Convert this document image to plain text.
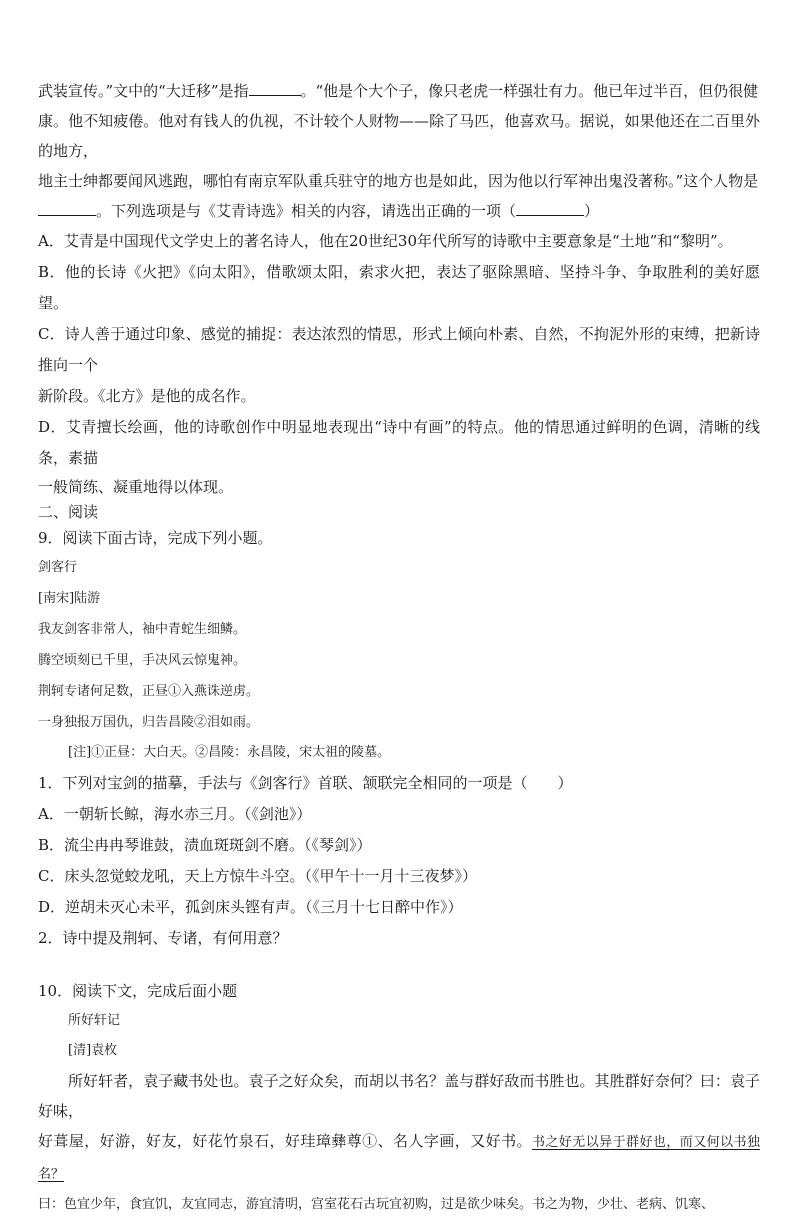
武装宣传。”文中的“大迁移”是指	。“他是个大个子，像只老虎一样强壮有力。他已年过半百，但仍很健

康。他不知疲倦。他对有钱人的仇视，不计较个人财物——除了马匹，他喜欢马。据说，如果他还在二百里外的地方，

地主士绅都要闻风逃跑，哪怕有南京军队重兵驻守的地方也是如此，因为他以行军神出鬼没著称。”这个人物是

。下列选项是与《艾青诗选》相关的内容，请选出正确的一项（	）

A．艾青是中国现代文学史上的著名诗人，他在20世纪30年代所写的诗歌中主要意象是“土地”和“黎明”。

B．他的长诗《火把》《向太阳》，借歌颂太阳，索求火把，表达了驱除黑暗、坚持斗争、争取胜利的美好愿望。

C．诗人善于通过印象、感觉的捕捉：表达浓烈的情思，形式上倾向朴素、自然，不拘泥外形的束缚，把新诗推向一个

新阶段。《北方》是他的成名作。

D．艾青擅长绘画，他的诗歌创作中明显地表现出“诗中有画”的特点。他的情思通过鲜明的色调，清晰的线条，素描

一般简练、凝重地得以体现。

二、阅读

9．阅读下面古诗，完成下列小题。

剑客行

[南宋]陆游

我友剑客非常人，袖中青蛇生细鳞。

腾空顷刻已千里，手决风云惊鬼神。

荆轲专诸何足数，正昼①入燕诛逆虏。

一身独报万国仇，归告昌陵②泪如雨。

[注]①正昼：大白天。②昌陵：永昌陵，宋太祖的陵墓。

1．下列对宝剑的描摹，手法与《剑客行》首联、颔联完全相同的一项是（　　）

A．一朝斩长鲸，海水赤三月。（《剑池》）

B．流尘冉冉琴谁鼓，渍血斑斑剑不磨。（《琴剑》）

C．床头忽觉蛟龙吼，天上方惊牛斗空。（《甲午十一月十三夜梦》）

D．逆胡未灭心未平，孤剑床头铿有声。（《三月十七日醉中作》）

2．诗中提及荆轲、专诸，有何用意？

10．阅读下文，完成后面小题

所好轩记

[清]袁枚

所好轩者，袁子藏书处也。袁子之好众矣，而胡以书名？盖与群好敌而书胜也。其胜群好奈何？曰：袁子好味，

好葺屋，好游，好友，好花竹泉石，好珪璋彝尊①、名人字画，又好书。书之好无以异于群好也，而又何以书独名？

曰：色宜少年，食宜饥，友宜同志，游宜清明，宫室花石古玩宜初购，过是欲少味矣。书之为物，少壮、老病、饥寒、
